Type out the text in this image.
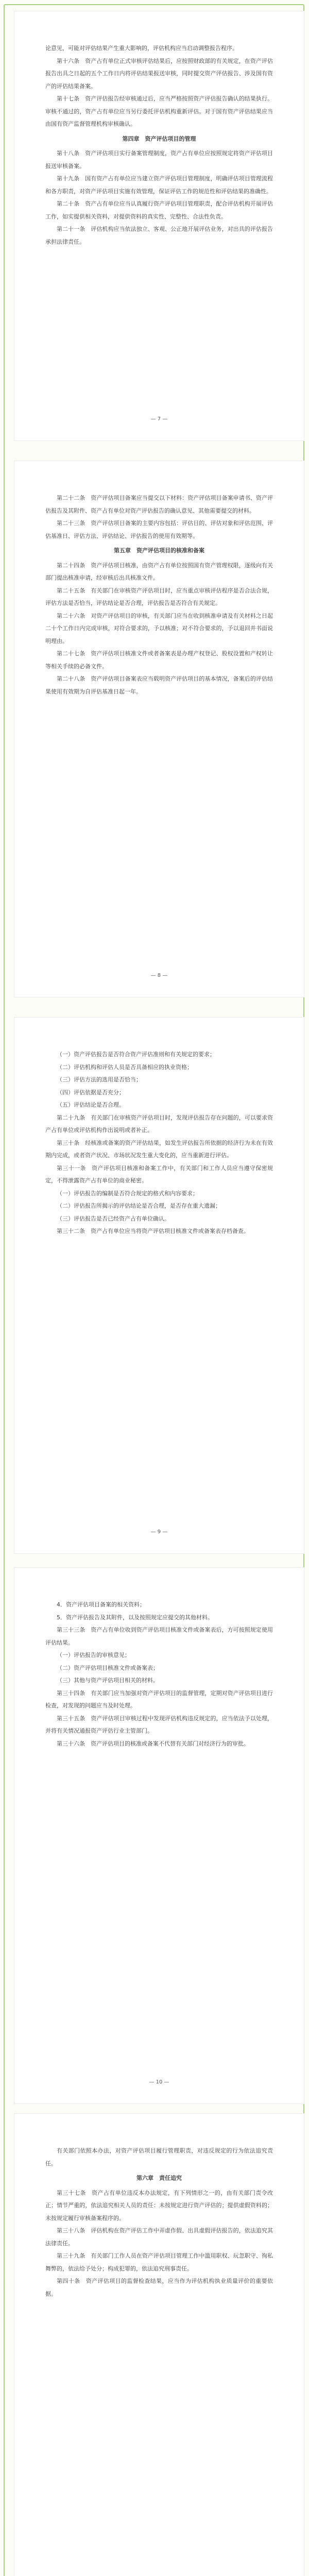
论意见，可能对评估结果产生重大影响的，评估机构应当启动调整报告程序。

第十六条　资产占有单位正式审核评估结果后，应按照财政部的有关规定，在资产评估报告出具之日起的五个工作日内将评估结果报送审核，同时提交资产评估报告、涉及国有资产的评估结果备案。

第十七条　资产评估报告经审核通过后，应当严格按照资产评估报告确认的结果执行。审核不通过的，资产占有单位应当另行委托评估机构重新评估。对于国有资产评估结果应当由国有资产监督管理机构审核确认。

第四章　资产评估项目的管理

第十八条　资产评估项目实行备案管理制度，资产占有单位应按照规定将资产评估项目报送审核备案。

第十九条　国有资产占有单位应当建立资产评估项目管理制度，明确评估项目管理流程和各方职责，对资产评估项目实施有效管理，保证评估工作的规范性和评估结果的准确性。

第二十条　资产占有单位应当认真履行资产评估项目管理职责，配合评估机构开展评估工作，如实提供相关资料，对提供资料的真实性、完整性、合法性负责。

第二十一条　评估机构应当依法独立、客观、公正地开展评估业务，对出具的评估报告承担法律责任。

— 7 —

第二十二条　资产评估项目备案应当提交以下材料：资产评估项目备案申请书、资产评估报告及其附件、资产占有单位对资产评估报告的确认意见、其他需要提交的材料。

第二十三条　资产评估项目备案的主要内容包括：评估目的、评估对象和评估范围、评估基准日、评估方法、评估结论、评估报告的使用有效期等。

第五章　资产评估项目的核准和备案

第二十四条　资产评估项目核准，由资产占有单位按照国有资产管理权限，逐级向有关部门提出核准申请，经审核后出具核准文件。

第二十五条　有关部门在审核资产评估项目时，应当重点审核评估程序是否合法合规，评估方法是否恰当，评估结论是否合理，评估报告是否符合有关规定。

第二十六条　对资产评估项目的审核，有关部门应当在收到核准申请及有关材料之日起二十个工作日内完成审核，对符合要求的，予以核准；对不符合要求的，予以退回并书面说明理由。

第二十七条　资产评估项目核准文件或者备案表是办理产权登记、股权设置和产权转让等相关手续的必备文件。

第二十八条　资产评估项目备案表应当载明资产评估项目的基本情况，备案后的评估结果使用有效期为自评估基准日起一年。

— 8 —

（一）资产评估报告是否符合资产评估准则和有关规定的要求；

（二）评估机构和评估人员是否具备相应的执业资格；

（三）评估方法的选用是否恰当；

（四）评估依据是否充分；

（五）评估结论是否合理。

第二十九条　有关部门在审核资产评估项目时，发现评估报告存在问题的，可以要求资产占有单位或评估机构作出说明或者补正。

第三十条　经核准或备案的资产评估结果，如发生评估报告所依据的经济行为未在有效期内完成，或者资产状况、市场状况发生重大变化的，应当重新进行评估。

第三十一条　资产评估项目核准和备案工作中，有关部门和工作人员应当遵守保密规定，不得泄露资产占有单位的商业秘密。

（一）评估报告的编制是否符合规定的格式和内容要求；

（二）评估报告所揭示的评估结论是否合理，是否存在重大遗漏；

（三）评估报告是否已经资产占有单位确认。

第三十二条　资产占有单位应当将资产评估项目核准文件或备案表存档备查。

— 9 —

4．资产评估项目备案的相关资料；

5．资产评估报告及其附件，以及按照规定应提交的其他材料。

第三十三条　资产占有单位收到资产评估项目核准文件或备案表后，方可按照规定使用评估结果。

（一）评估报告的审核意见；

（二）资产评估项目核准文件或备案表；

（三）其他与资产评估项目相关的材料。

第三十四条　有关部门应当加强对资产评估项目的监督管理，定期对资产评估项目进行检查，对发现的问题应当及时处理。

第三十五条　资产评估项目审核过程中发现评估机构违反规定的，应当依法予以处理，并将有关情况通报资产评估行业主管部门。

第三十六条　资产评估项目的核准或备案不代替有关部门对经济行为的审批。

— 10 —

有关部门依照本办法，对资产评估项目履行管理职责，对违反规定的行为依法追究责任。

第六章　责任追究

第三十七条　资产占有单位违反本办法规定，有下列情形之一的，由有关部门责令改正；情节严重的，依法追究相关人员的责任：未按规定进行资产评估的；提供虚假资料的；未按规定履行审核备案程序的。

第三十八条　评估机构在资产评估工作中弄虚作假、出具虚假评估报告的，依法追究其法律责任。

第三十九条　有关部门工作人员在资产评估项目管理工作中滥用职权、玩忽职守、徇私舞弊的，依法给予处分；构成犯罪的，依法追究刑事责任。

第四十条　资产评估项目的监督检查结果，应当作为评估机构执业质量评价的重要依据。
